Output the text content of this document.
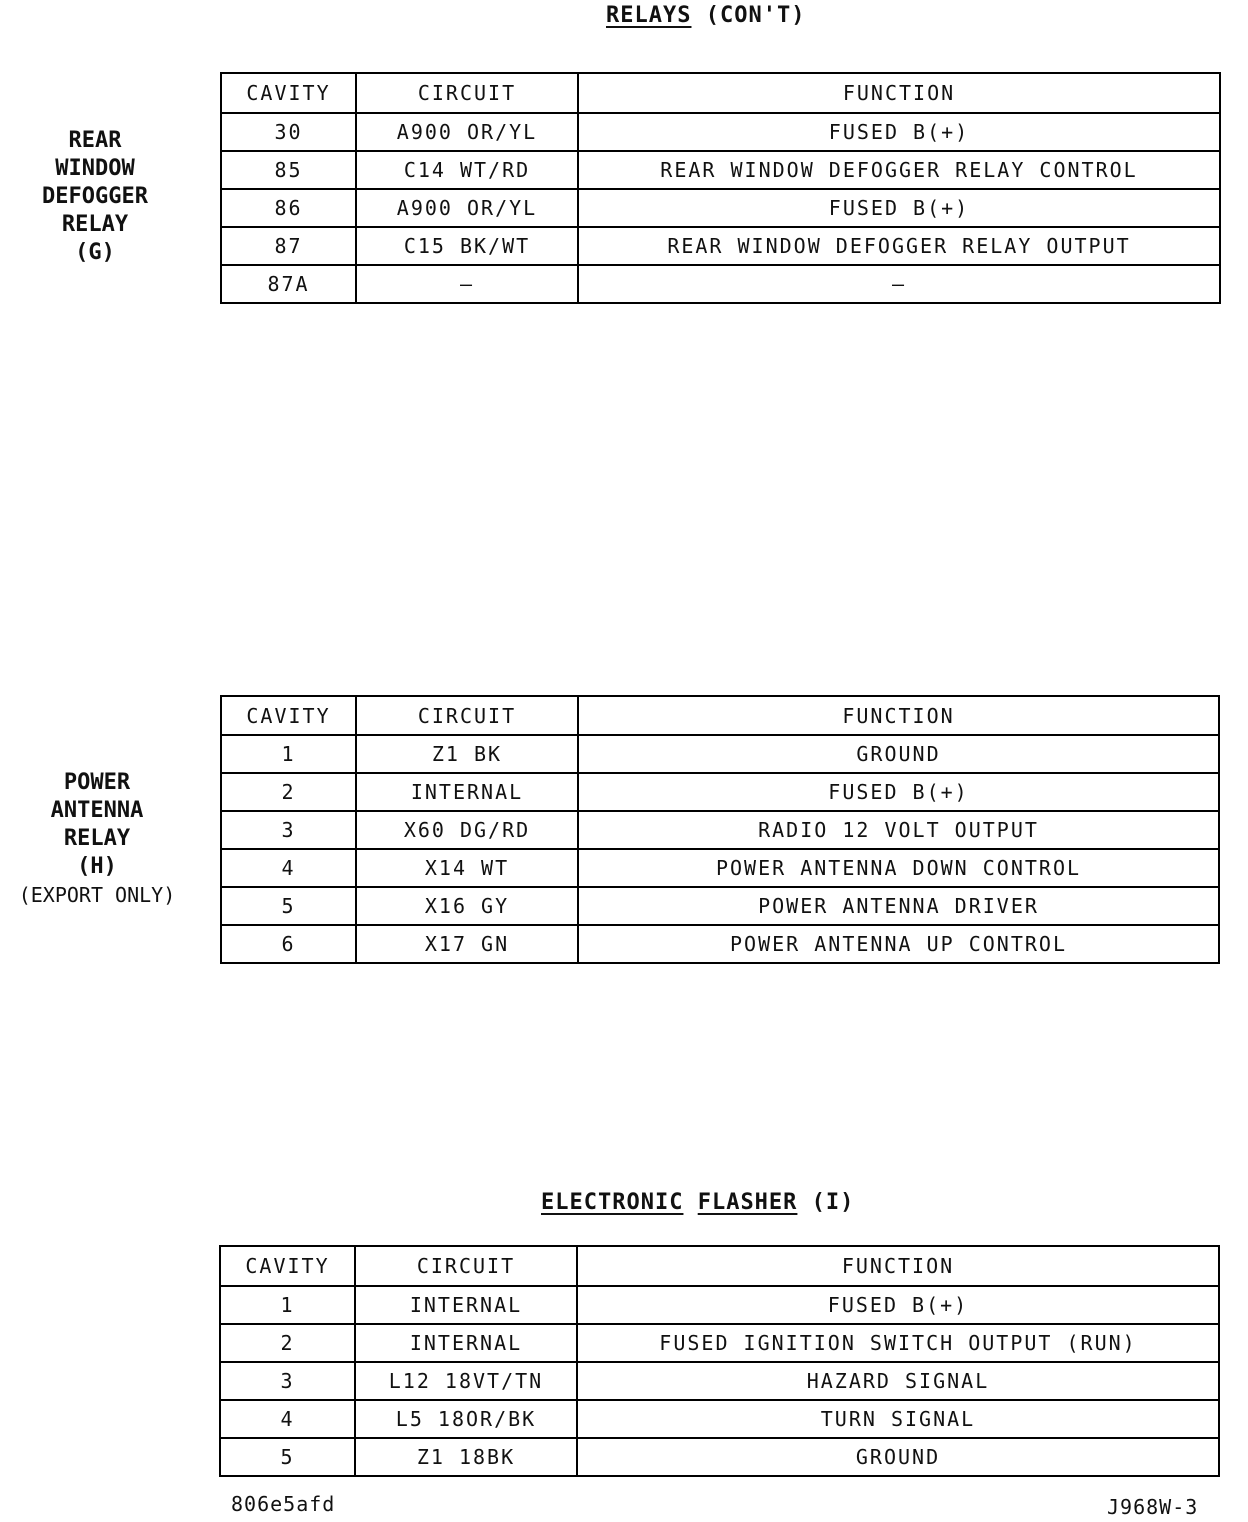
RELAYS (CON'T)
REAR
WINDOW
DEFOGGER
RELAY
(G)
CAVITY	CIRCUIT	FUNCTION
30	A900 OR/YL	FUSED B(+)
85	C14 WT/RD	REAR WINDOW DEFOGGER RELAY CONTROL
86	A900 OR/YL	FUSED B(+)
87	C15 BK/WT	REAR WINDOW DEFOGGER RELAY OUTPUT
87A	–	–
POWER
ANTENNA
RELAY
(H)
(EXPORT ONLY)
CAVITY	CIRCUIT	FUNCTION
1	Z1 BK	GROUND
2	INTERNAL	FUSED B(+)
3	X60 DG/RD	RADIO 12 VOLT OUTPUT
4	X14 WT	POWER ANTENNA DOWN CONTROL
5	X16 GY	POWER ANTENNA DRIVER
6	X17 GN	POWER ANTENNA UP CONTROL
ELECTRONIC FLASHER (I)
CAVITY	CIRCUIT	FUNCTION
1	INTERNAL	FUSED B(+)
2	INTERNAL	FUSED IGNITION SWITCH OUTPUT (RUN)
3	L12 18VT/TN	HAZARD SIGNAL
4	L5 18OR/BK	TURN SIGNAL
5	Z1 18BK	GROUND
806e5afd	J968W-3
